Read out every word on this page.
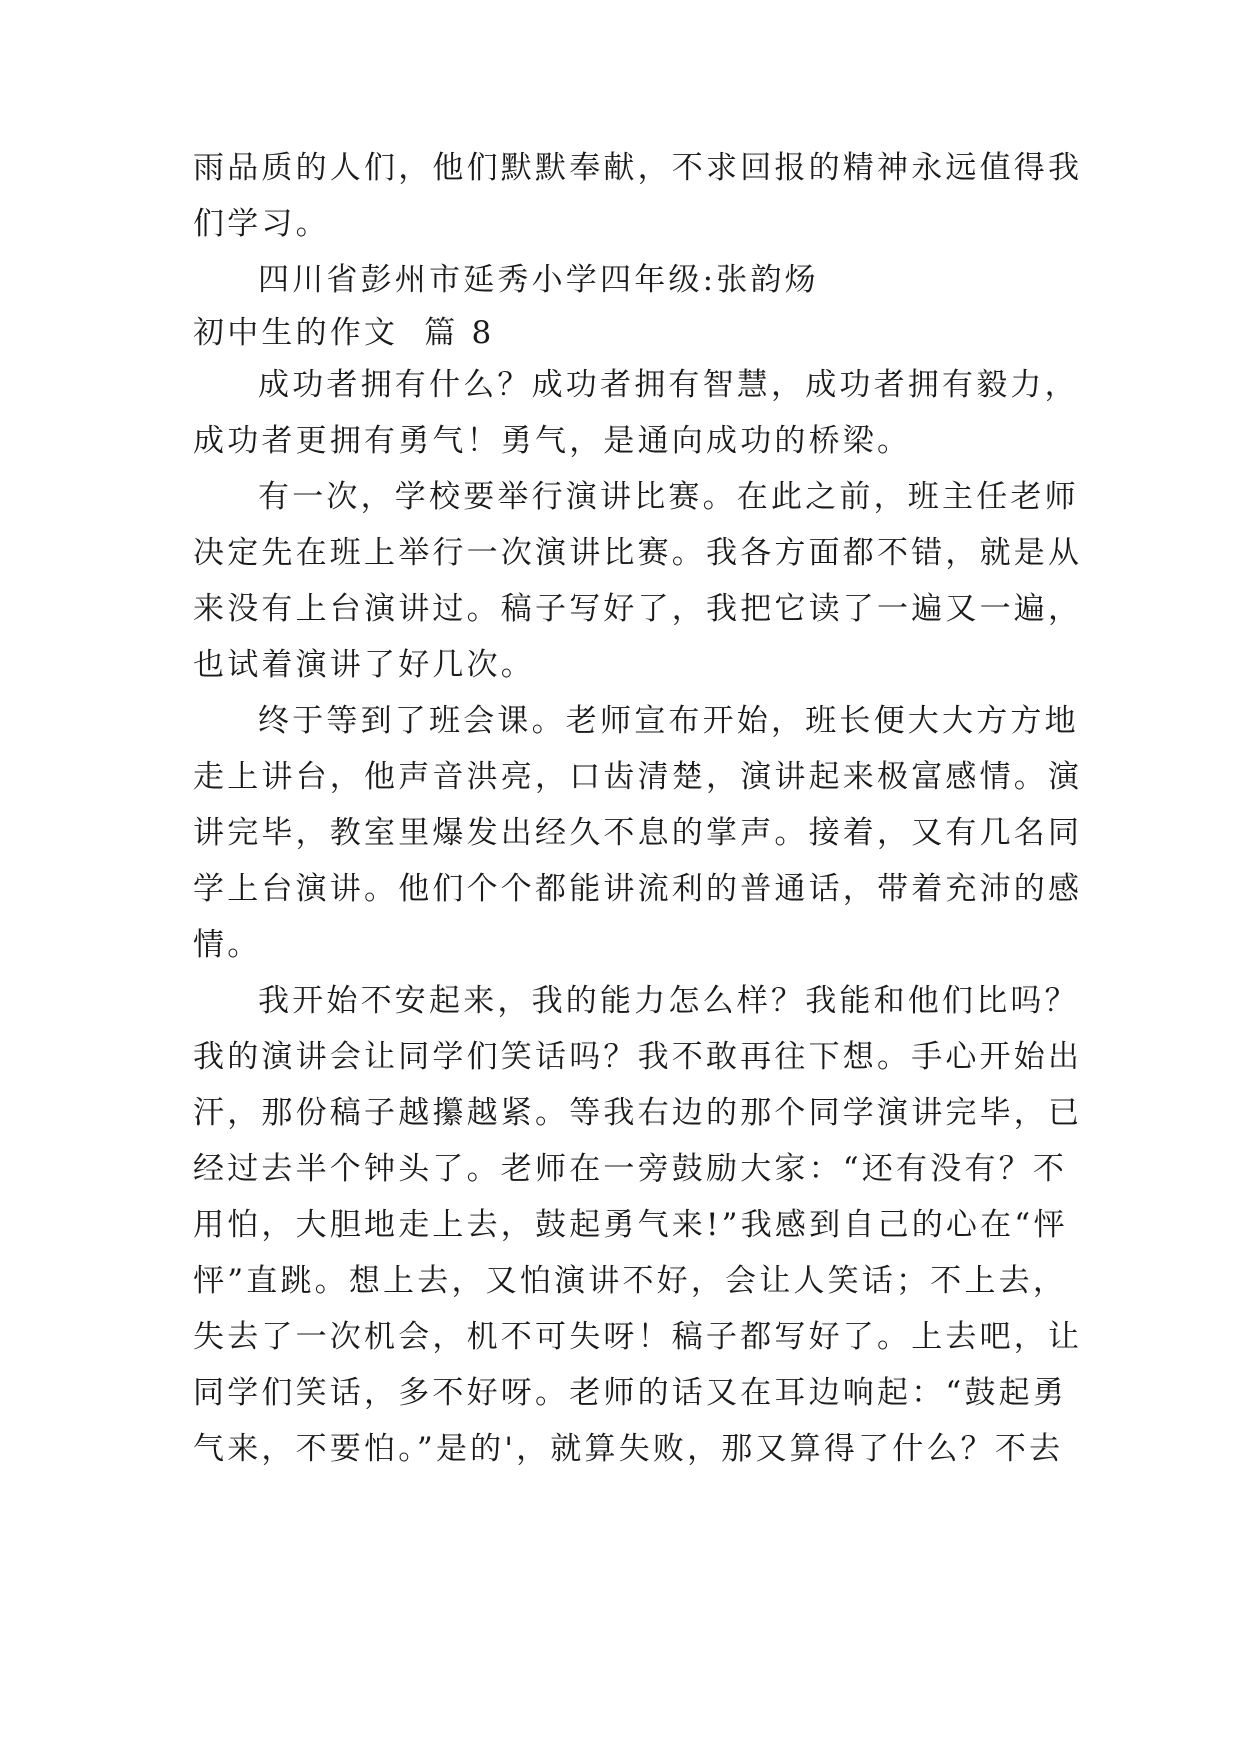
雨品质的人们，他们默默奉献，不求回报的精神永远值得我
们学习。
四川省彭州市延秀小学四年级:张韵炀
初中生的作文  篇 8
成功者拥有什么？成功者拥有智慧，成功者拥有毅力，
成功者更拥有勇气！勇气，是通向成功的桥梁。
有一次，学校要举行演讲比赛。在此之前，班主任老师
决定先在班上举行一次演讲比赛。我各方面都不错，就是从
来没有上台演讲过。稿子写好了，我把它读了一遍又一遍，
也试着演讲了好几次。
终于等到了班会课。老师宣布开始，班长便大大方方地
走上讲台，他声音洪亮，口齿清楚，演讲起来极富感情。演
讲完毕，教室里爆发出经久不息的掌声。接着，又有几名同
学上台演讲。他们个个都能讲流利的普通话，带着充沛的感
情。
我开始不安起来，我的能力怎么样？我能和他们比吗？
我的演讲会让同学们笑话吗？我不敢再往下想。手心开始出
汗，那份稿子越攥越紧。等我右边的那个同学演讲完毕，已
经过去半个钟头了。老师在一旁鼓励大家：“还有没有？不
用怕，大胆地走上去，鼓起勇气来!”我感到自己的心在“怦
怦”直跳。想上去，又怕演讲不好，会让人笑话；不上去，
失去了一次机会，机不可失呀！稿子都写好了。上去吧，让
同学们笑话，多不好呀。老师的话又在耳边响起：“鼓起勇
气来，不要怕。”是的'，就算失败，那又算得了什么？不去
